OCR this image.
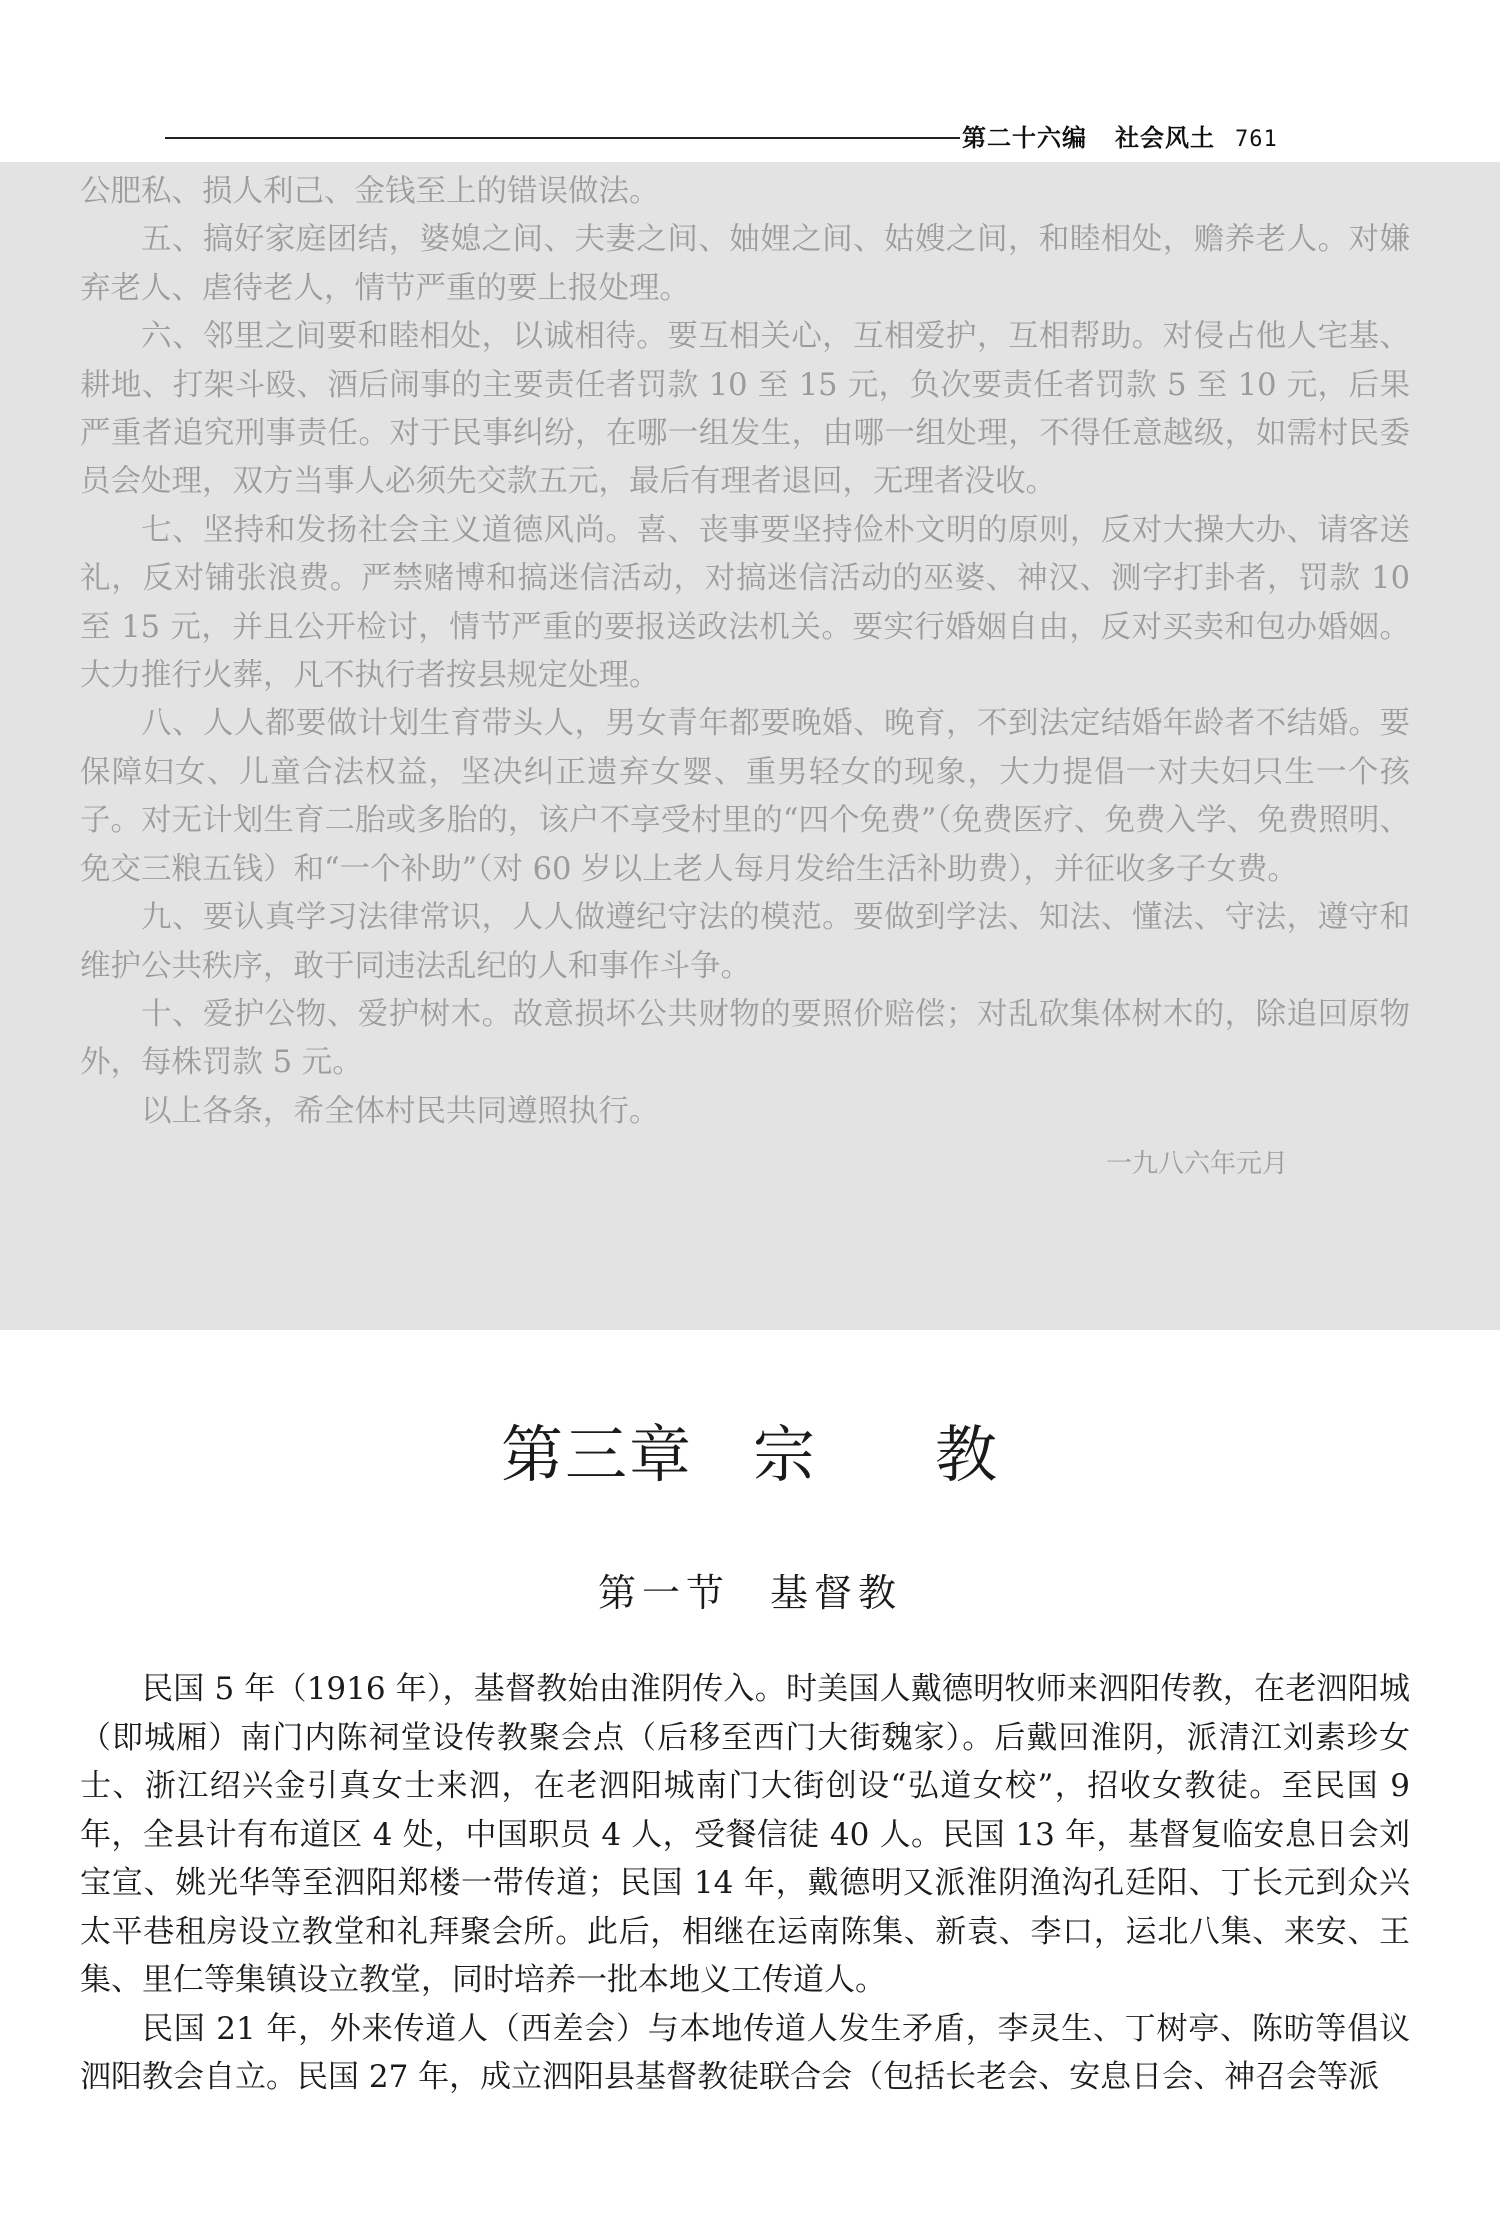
第二十六编 社会风土 761

公肥私、损人利己、金钱至上的错误做法。

五、搞好家庭团结，婆媳之间、夫妻之间、妯娌之间、姑嫂之间，和睦相处，赡养老人。对嫌弃老人、虐待老人，情节严重的要上报处理。

六、邻里之间要和睦相处，以诚相待。要互相关心，互相爱护，互相帮助。对侵占他人宅基、耕地、打架斗殴、酒后闹事的主要责任者罚款 10 至 15 元，负次要责任者罚款 5 至 10 元，后果严重者追究刑事责任。对于民事纠纷，在哪一组发生，由哪一组处理，不得任意越级，如需村民委员会处理，双方当事人必须先交款五元，最后有理者退回，无理者没收。

七、坚持和发扬社会主义道德风尚。喜、丧事要坚持俭朴文明的原则，反对大操大办、请客送礼，反对铺张浪费。严禁赌博和搞迷信活动，对搞迷信活动的巫婆、神汉、测字打卦者，罚款 10 至 15 元，并且公开检讨，情节严重的要报送政法机关。要实行婚姻自由，反对买卖和包办婚姻。大力推行火葬，凡不执行者按县规定处理。

八、人人都要做计划生育带头人，男女青年都要晚婚、晚育，不到法定结婚年龄者不结婚。要保障妇女、儿童合法权益，坚决纠正遗弃女婴、重男轻女的现象，大力提倡一对夫妇只生一个孩子。对无计划生育二胎或多胎的，该户不享受村里的“四个免费”（免费医疗、免费入学、免费照明、免交三粮五钱）和“一个补助”（对 60 岁以上老人每月发给生活补助费），并征收多子女费。

九、要认真学习法律常识，人人做遵纪守法的模范。要做到学法、知法、懂法、守法，遵守和维护公共秩序，敢于同违法乱纪的人和事作斗争。

十、爱护公物、爱护树木。故意损坏公共财物的要照价赔偿；对乱砍集体树木的，除追回原物外，每株罚款 5 元。

以上各条，希全体村民共同遵照执行。

一九八六年元月

第三章 宗 教
第一节 基督教

民国 5 年（1916 年），基督教始由淮阴传入。时美国人戴德明牧师来泗阳传教，在老泗阳城（即城厢）南门内陈祠堂设传教聚会点（后移至西门大街魏家）。后戴回淮阴，派清江刘素珍女士、浙江绍兴金引真女士来泗，在老泗阳城南门大街创设“弘道女校”，招收女教徒。至民国 9 年，全县计有布道区 4 处，中国职员 4 人，受餐信徒 40 人。民国 13 年，基督复临安息日会刘宝宣、姚光华等至泗阳郑楼一带传道；民国 14 年，戴德明又派淮阴渔沟孔廷阳、丁长元到众兴太平巷租房设立教堂和礼拜聚会所。此后，相继在运南陈集、新袁、李口，运北八集、来安、王集、里仁等集镇设立教堂，同时培养一批本地义工传道人。

民国 21 年，外来传道人（西差会）与本地传道人发生矛盾，李灵生、丁树亭、陈昉等倡议泗阳教会自立。民国 27 年，成立泗阳县基督教徒联合会（包括长老会、安息日会、神召会等派
